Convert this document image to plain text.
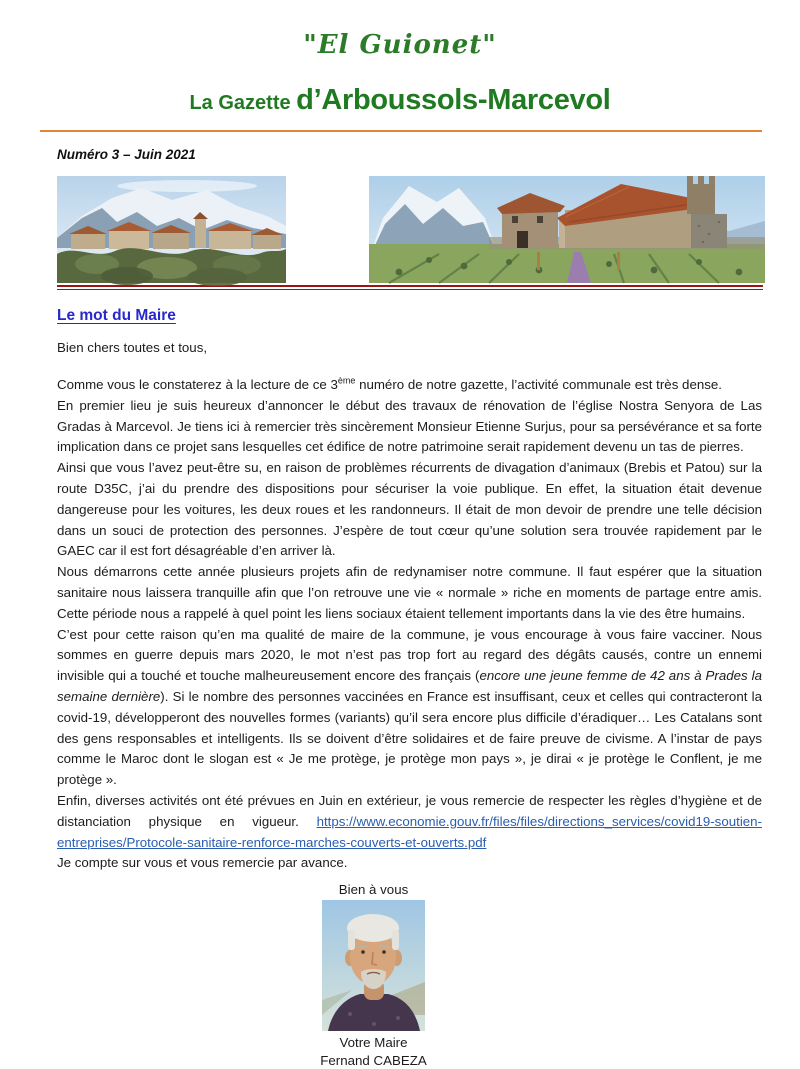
"El Guionet"
La Gazette d’Arboussols-Marcevol
Numéro 3 – Juin 2021
Le mot du Maire

Bien chers toutes et tous,

Comme vous le constaterez à la lecture de ce 3ème numéro de notre gazette, l’activité communale est très dense.

En premier lieu je suis heureux d’annoncer le début des travaux de rénovation de l’église Nostra Senyora de Las Gradas à Marcevol. Je tiens ici à remercier très sincèrement Monsieur Etienne Surjus, pour sa persévérance et sa forte implication dans ce projet sans lesquelles cet édifice de notre patrimoine serait rapidement devenu un tas de pierres.

Ainsi que vous l’avez peut-être su, en raison de problèmes récurrents de divagation d’animaux (Brebis et Patou) sur la route D35C, j’ai du prendre des dispositions pour sécuriser la voie publique. En effet, la situation était devenue dangereuse pour les voitures, les deux roues et les randonneurs. Il était de mon devoir de prendre une telle décision dans un souci de protection des personnes. J’espère de tout cœur qu’une solution sera trouvée rapidement par le GAEC car il est fort désagréable d’en arriver là.

Nous démarrons cette année plusieurs projets afin de redynamiser notre commune. Il faut espérer que la situation sanitaire nous laissera tranquille afin que l’on retrouve une vie « normale » riche en moments de partage entre amis. Cette période nous a rappelé à quel point les liens sociaux étaient tellement importants dans la vie des être humains.

C’est pour cette raison qu’en ma qualité de maire de la commune, je vous encourage à vous faire vacciner. Nous sommes en guerre depuis mars 2020, le mot n’est pas trop fort au regard des dégâts causés, contre un ennemi invisible qui a touché et touche malheureusement encore des français (encore une jeune femme de 42 ans à Prades la semaine dernière). Si le nombre des personnes vaccinées en France est insuffisant, ceux et celles qui contracteront la covid-19, développeront des nouvelles formes (variants) qu’il sera encore plus difficile d’éradiquer… Les Catalans sont des gens responsables et intelligents. Ils se doivent d’être solidaires et de faire preuve de civisme. A l’instar de pays comme le Maroc dont le slogan est « Je me protège, je protège mon pays », je dirai « je protège le Conflent, je me protège ».

Enfin, diverses activités ont été prévues en Juin en extérieur, je vous remercie de respecter les règles d’hygiène et de distanciation physique en vigueur. https://www.economie.gouv.fr/files/files/directions_services/covid19-soutien-entreprises/Protocole-sanitaire-renforce-marches-couverts-et-ouverts.pdf

Je compte sur vous et vous remercie par avance.

Bien à vous

Votre Maire

Fernand CABEZA
